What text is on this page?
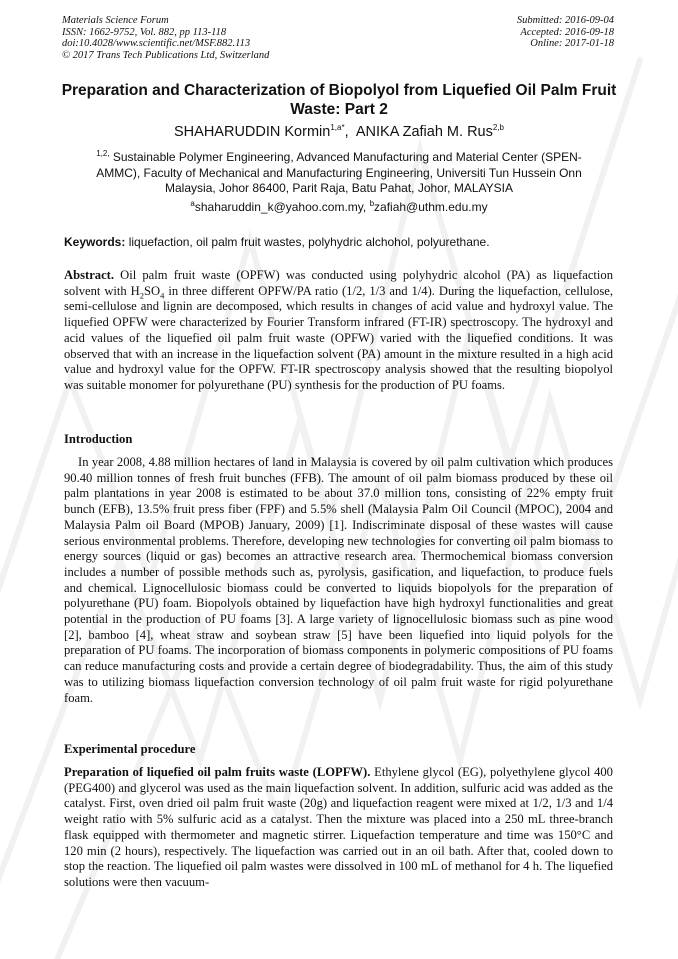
Materials Science Forum
ISSN: 1662-9752, Vol. 882, pp 113-118
doi:10.4028/www.scientific.net/MSF.882.113
© 2017 Trans Tech Publications Ltd, Switzerland
Submitted: 2016-09-04
Accepted: 2016-09-18
Online: 2017-01-18
Preparation and Characterization of Biopolyol from Liquefied Oil Palm Fruit Waste: Part 2
SHAHARUDDIN Kormin$^{1,a*}$,  ANIKA Zafiah M. Rus$^{2,b}$
$^{1,2,}$ Sustainable Polymer Engineering, Advanced Manufacturing and Material Center (SPEN-AMMC), Faculty of Mechanical and Manufacturing Engineering, Universiti Tun Hussein Onn Malaysia, Johor 86400, Parit Raja, Batu Pahat, Johor, MALAYSIA
$^a$shaharuddin_k@yahoo.com.my, $^b$zafiah@uthm.edu.my
Keywords: liquefaction, oil palm fruit wastes, polyhydric alchohol, polyurethane.
Abstract. Oil palm fruit waste (OPFW) was conducted using polyhydric alcohol (PA) as liquefaction solvent with $H_2SO_4$ in three different OPFW/PA ratio (1/2, 1/3 and 1/4). During the liquefaction, cellulose, semi-cellulose and lignin are decomposed, which results in changes of acid value and hydroxyl value. The liquefied OPFW were characterized by Fourier Transform infrared (FT-IR) spectroscopy. The hydroxyl and acid values of the liquefied oil palm fruit waste (OPFW) varied with the liquefied conditions. It was observed that with an increase in the liquefaction solvent (PA) amount in the mixture resulted in a high acid value and hydroxyl value for the OPFW. FT-IR spectroscopy analysis showed that the resulting biopolyol was suitable monomer for polyurethane (PU) synthesis for the production of PU foams.
Introduction
In year 2008, 4.88 million hectares of land in Malaysia is covered by oil palm cultivation which produces 90.40 million tonnes of fresh fruit bunches (FFB). The amount of oil palm biomass produced by these oil palm plantations in year 2008 is estimated to be about 37.0 million tons, consisting of 22% empty fruit bunch (EFB), 13.5% fruit press fiber (FPF) and 5.5% shell (Malaysia Palm Oil Council (MPOC), 2004 and Malaysia Palm oil Board (MPOB) January, 2009) [1]. Indiscriminate disposal of these wastes will cause serious environmental problems. Therefore, developing new technologies for converting oil palm biomass to energy sources (liquid or gas) becomes an attractive research area. Thermochemical biomass conversion includes a number of possible methods such as, pyrolysis, gasification, and liquefaction, to produce fuels and chemical. Lignocellulosic biomass could be converted to liquids biopolyols for the preparation of polyurethane (PU) foam. Biopolyols obtained by liquefaction have high hydroxyl functionalities and great potential in the production of PU foams [3]. A large variety of lignocellulosic biomass such as pine wood [2], bamboo [4], wheat straw and soybean straw [5] have been liquefied into liquid polyols for the preparation of PU foams. The incorporation of biomass components in polymeric compositions of PU foams can reduce manufacturing costs and provide a certain degree of biodegradability. Thus, the aim of this study was to utilizing biomass liquefaction conversion technology of oil palm fruit waste for rigid polyurethane foam.
Experimental procedure
Preparation of liquefied oil palm fruits waste (LOPFW). Ethylene glycol (EG), polyethylene glycol 400 (PEG400) and glycerol was used as the main liquefaction solvent. In addition, sulfuric acid was added as the catalyst. First, oven dried oil palm fruit waste (20g) and liquefaction reagent were mixed at 1/2, 1/3 and 1/4 weight ratio with 5% sulfuric acid as a catalyst. Then the mixture was placed into a 250 mL three-branch flask equipped with thermometer and magnetic stirrer. Liquefaction temperature and time was 150°C and 120 min (2 hours), respectively. The liquefaction was carried out in an oil bath. After that, cooled down to stop the reaction. The liquefied oil palm wastes were dissolved in 100 mL of methanol for 4 h. The liquefied solutions were then vacuum-
